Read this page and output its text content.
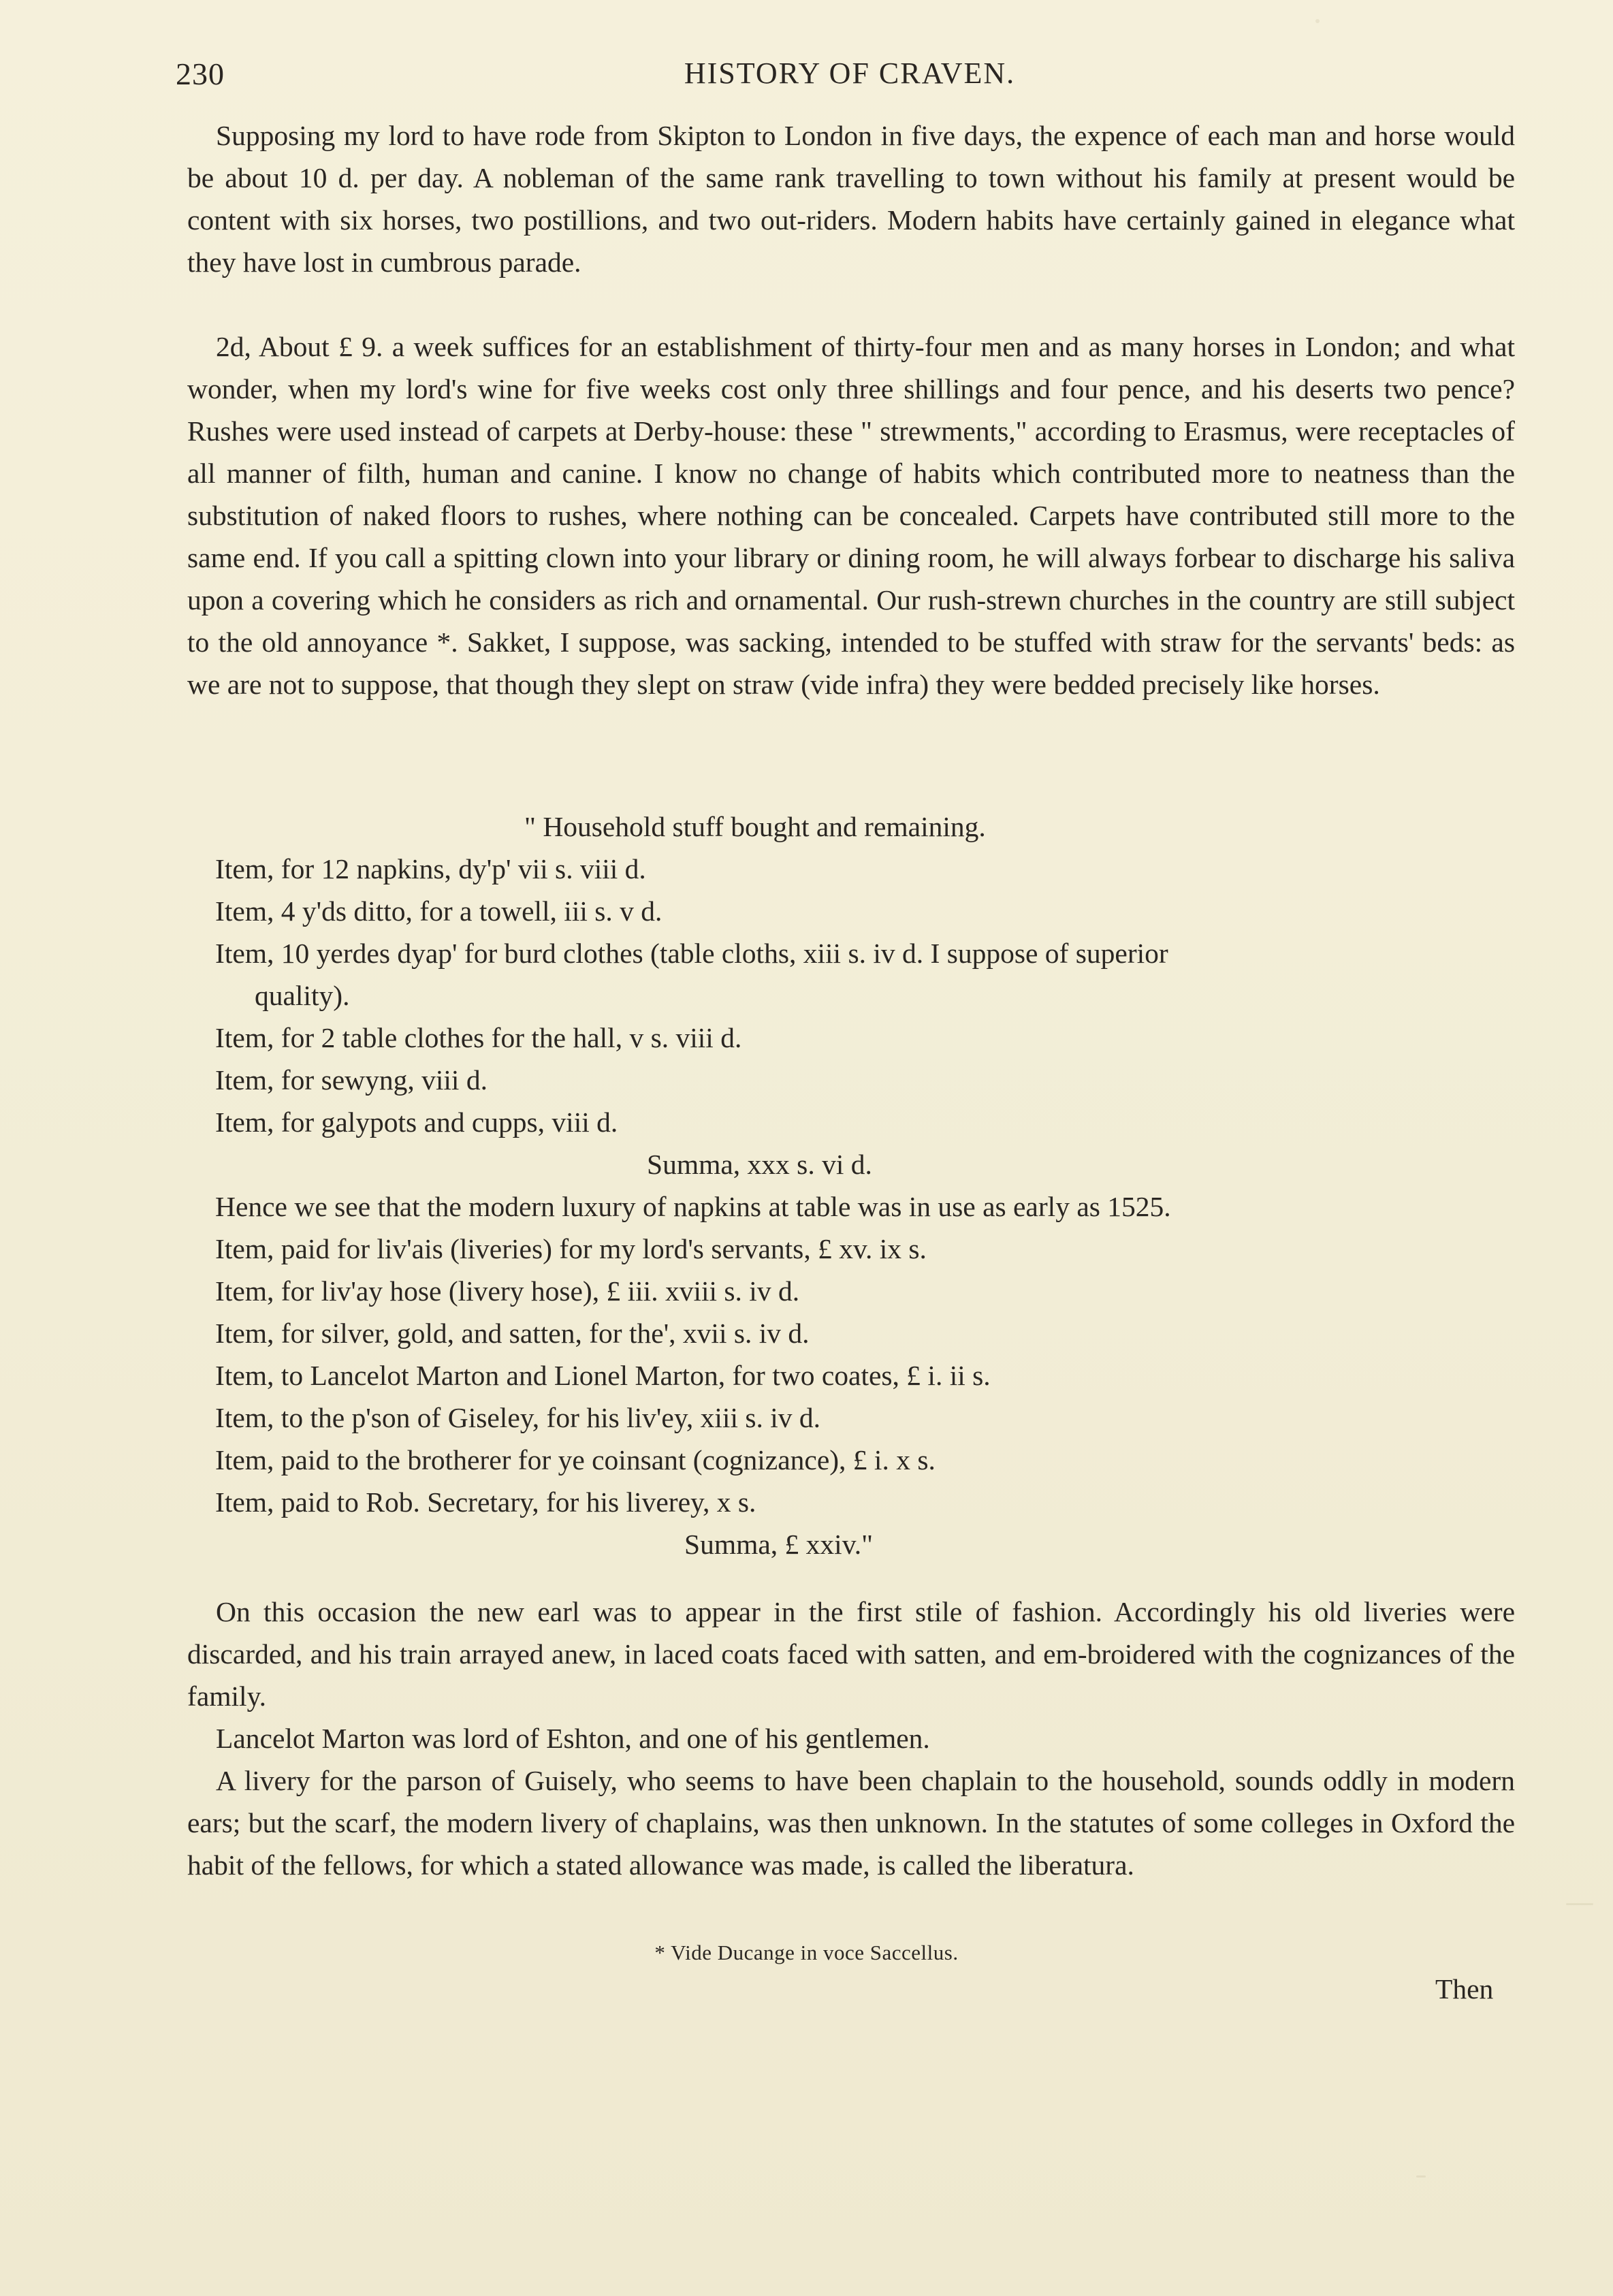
230	HISTORY OF CRAVEN.

Supposing my lord to have rode from Skipton to London in five days, the expence of each man and horse would be about 10 d. per day. A nobleman of the same rank travelling to town without his family at present would be content with six horses, two postillions, and two out-riders. Modern habits have certainly gained in elegance what they have lost in cumbrous parade.

2d, About £ 9. a week suffices for an establishment of thirty-four men and as many horses in London; and what wonder, when my lord's wine for five weeks cost only three shillings and four pence, and his deserts two pence? Rushes were used instead of carpets at Derby-house: these " strewments," according to Erasmus, were receptacles of all manner of filth, human and canine. I know no change of habits which contributed more to neatness than the substitution of naked floors to rushes, where nothing can be concealed. Carpets have contributed still more to the same end. If you call a spitting clown into your library or dining room, he will always forbear to discharge his saliva upon a covering which he considers as rich and ornamental. Our rush-strewn churches in the country are still subject to the old annoyance *. Sakket, I suppose, was sacking, intended to be stuffed with straw for the servants' beds: as we are not to suppose, that though they slept on straw (vide infra) they were bedded precisely like horses.

" Household stuff bought and remaining.
Item, for 12 napkins, dy'p' vii s. viii d.
Item, 4 y'ds ditto, for a towell, iii s. v d.
Item, 10 yerdes dyap' for burd clothes (table cloths, xiii s. iv d. I suppose of superior
quality).
Item, for 2 table clothes for the hall, v s. viii d.
Item, for sewyng, viii d.
Item, for galypots and cupps, viii d.
Summa, xxx s. vi d.
Hence we see that the modern luxury of napkins at table was in use as early as 1525.
Item, paid for liv'ais (liveries) for my lord's servants, £ xv. ix s.
Item, for liv'ay hose (livery hose), £ iii. xviii s. iv d.
Item, for silver, gold, and satten, for the', xvii s. iv d.
Item, to Lancelot Marton and Lionel Marton, for two coates, £ i. ii s.
Item, to the p'son of Giseley, for his liv'ey, xiii s. iv d.
Item, paid to the brotherer for ye coinsant (cognizance), £ i. x s.
Item, paid to Rob. Secretary, for his liverey, x s.
Summa, £ xxiv."

On this occasion the new earl was to appear in the first stile of fashion. Accordingly his old liveries were discarded, and his train arrayed anew, in laced coats faced with satten, and em-broidered with the cognizances of the family.

Lancelot Marton was lord of Eshton, and one of his gentlemen.

A livery for the parson of Guisely, who seems to have been chaplain to the household, sounds oddly in modern ears; but the scarf, the modern livery of chaplains, was then unknown. In the statutes of some colleges in Oxford the habit of the fellows, for which a stated allowance was made, is called the liberatura.

* Vide Ducange in voce Saccellus.
Then
